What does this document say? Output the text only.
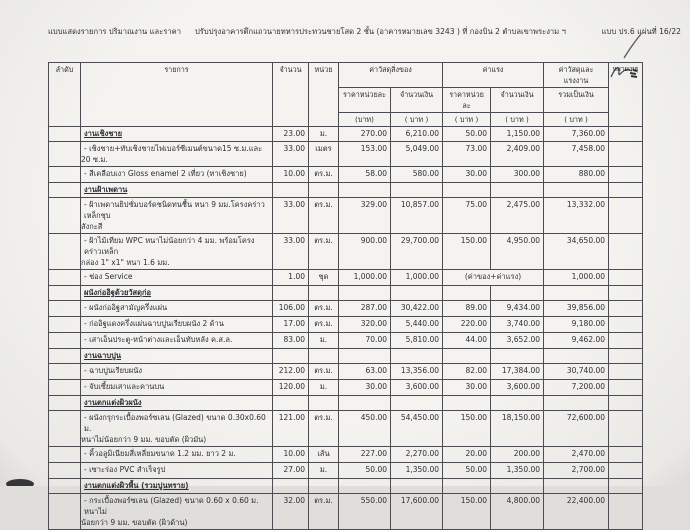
แบบแสดงรายการ ปริมาณงาน และราคา ปรับปรุงอาคารตึกแถวนายทหารประทวนชายโสด 2 ชั้น (อาคารหมายเลข 3243 ) ที่ กองบิน 2 ตำบลเขาพระงาม ฯ	แบบ ปร.6 แผ่นที่ 16/22
ลำดับ	รายการ	จำนวน	หน่วย	ค่าวัสดุสิ่งของ		ค่าแรง		ค่าวัสดุและแรงงาน	หมายเหตุ
				ราคาหน่วยละ	จำนวนเงิน	ราคาหน่วยละ	จำนวนเงิน	รวมเป็นเงิน	
				(บาท)	( บาท )	( บาท )	( บาท )	( บาท )	

	งานเชิงชาย	23.00	ม.	270.00	6,210.00	50.00	1,150.00	7,360.00	

	- เชิงชาย+ทับเชิงชายไฟเบอร์ซีเมนต์ขนาด15 ซ.ม.และ
20 ซ.ม.	33.00	เมตร	153.00	5,049.00	73.00	2,409.00	7,458.00	

	- สีเคลือบเงา Gloss enamel 2 เที่ยว (ทาเชิงชาย)	10.00	ตร.ม.	58.00	580.00	30.00	300.00	880.00	

	งานฝ้าเพดาน								

	- ฝ้าเพดานยิปซั่มบอร์ดชนิดทนชื้น หนา 9 มม.โครงคร่าวเหล็กชุบ
สังกะสี	33.00	ตร.ม.	329.00	10,857.00	75.00	2,475.00	13,332.00	

	- ฝ้าไม้เทียม WPC หนาไม่น้อยกว่า 4 มม. พร้อมโครงคร่าวเหล็ก
กล่อง 1" x1" หนา 1.6 มม.	33.00	ตร.ม.	900.00	29,700.00	150.00	4,950.00	34,650.00	

	- ช่อง Service	1.00	ชุด	1,000.00	1,000.00	(ค่าของ+ค่าแรง)		1,000.00	

	ผนังก่ออิฐด้วยวัสดุก่อ								

	- ผนังก่ออิฐสามัญครึ่งแผ่น	106.00	ตร.ม.	287.00	30,422.00	89.00	9,434.00	39,856.00	

	- ก่ออิฐแดงครึ่งแผ่นฉาบปูนเรียบผนัง 2 ด้าน	17.00	ตร.ม.	320.00	5,440.00	220.00	3,740.00	9,180.00	

	- เสาเอ็นประตู-หน้าต่างและเอ็นทับหลัง ค.ส.ล.	83.00	ม.	70.00	5,810.00	44.00	3,652.00	9,462.00	

	งานฉาบปูน								

	- ฉาบปูนเรียบผนัง	212.00	ตร.ม.	63.00	13,356.00	82.00	17,384.00	30,740.00	

	- จับเซี้ยมเสาและคานบน	120.00	ม.	30.00	3,600.00	30.00	3,600.00	7,200.00	

	งานตกแต่งผิวผนัง								

	- ผนังกรุกระเบื้องพอร์ซเลน (Glazed) ขนาด 0.30x0.60 ม.
หนาไม่น้อยกว่า 9 มม. ขอบตัด (ผิวมัน)	121.00	ตร.ม.	450.00	54,450.00	150.00	18,150.00	72,600.00	

	- คิ้วอลูมิเนียมสี่เหลี่ยมขนาด 1.2 มม. ยาว 2 ม.	10.00	เส้น	227.00	2,270.00	20.00	200.00	2,470.00	

	- เซาะร่อง PVC สำเร็จรูป	27.00	ม.	50.00	1,350.00	50.00	1,350.00	2,700.00	

	งานตกแต่งผิวพื้น (รวมปูนทราย)								

	- กระเบื้องพอร์ซเลน (Glazed) ขนาด 0.60 x 0.60 ม. หนาไม่
น้อยกว่า 9 มม. ขอบตัด (ผิวด้าน)	32.00	ตร.ม.	550.00	17,600.00	150.00	4,800.00	22,400.00	
